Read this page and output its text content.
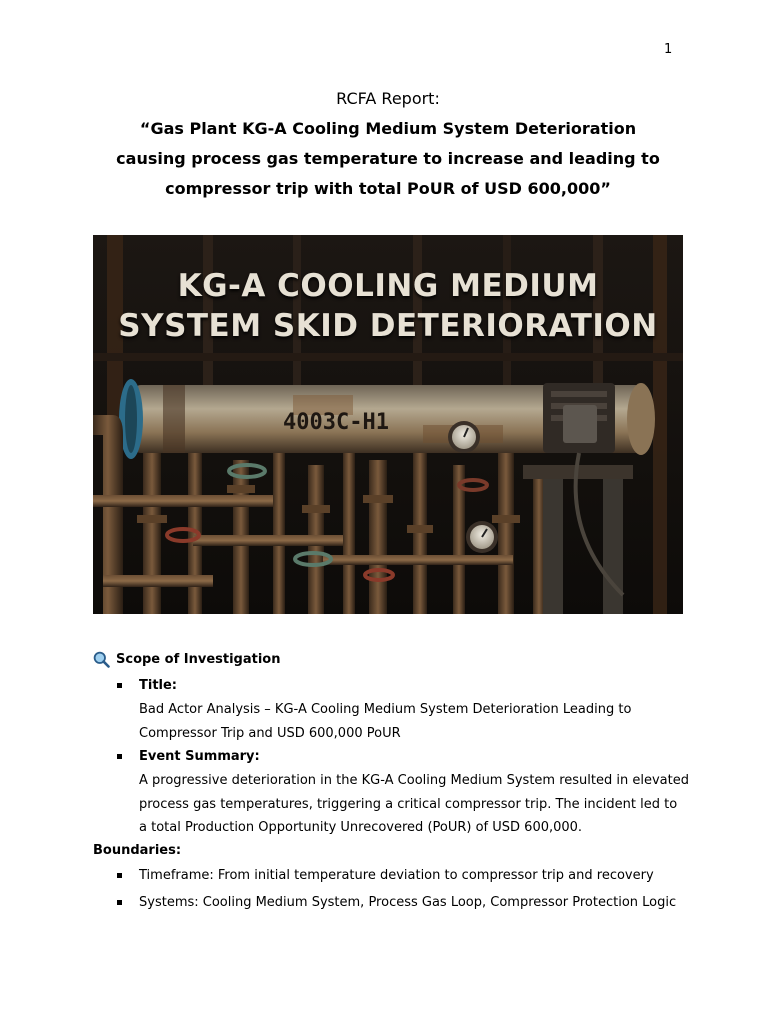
1
RCFA Report:
“Gas Plant KG-A Cooling Medium System Deterioration
causing process gas temperature to increase and leading to
compressor trip with total PoUR of USD 600,000”
4003C-H1
KG-A COOLING MEDIUM
SYSTEM SKID DETERIORATION
Scope of Investigation
Title:
Bad Actor Analysis – KG-A Cooling Medium System Deterioration Leading to
Compressor Trip and USD 600,000 PoUR
Event Summary:
A progressive deterioration in the KG-A Cooling Medium System resulted in elevated
process gas temperatures, triggering a critical compressor trip. The incident led to
a total Production Opportunity Unrecovered (PoUR) of USD 600,000.
Boundaries:
Timeframe: From initial temperature deviation to compressor trip and recovery
Systems: Cooling Medium System, Process Gas Loop, Compressor Protection Logic
